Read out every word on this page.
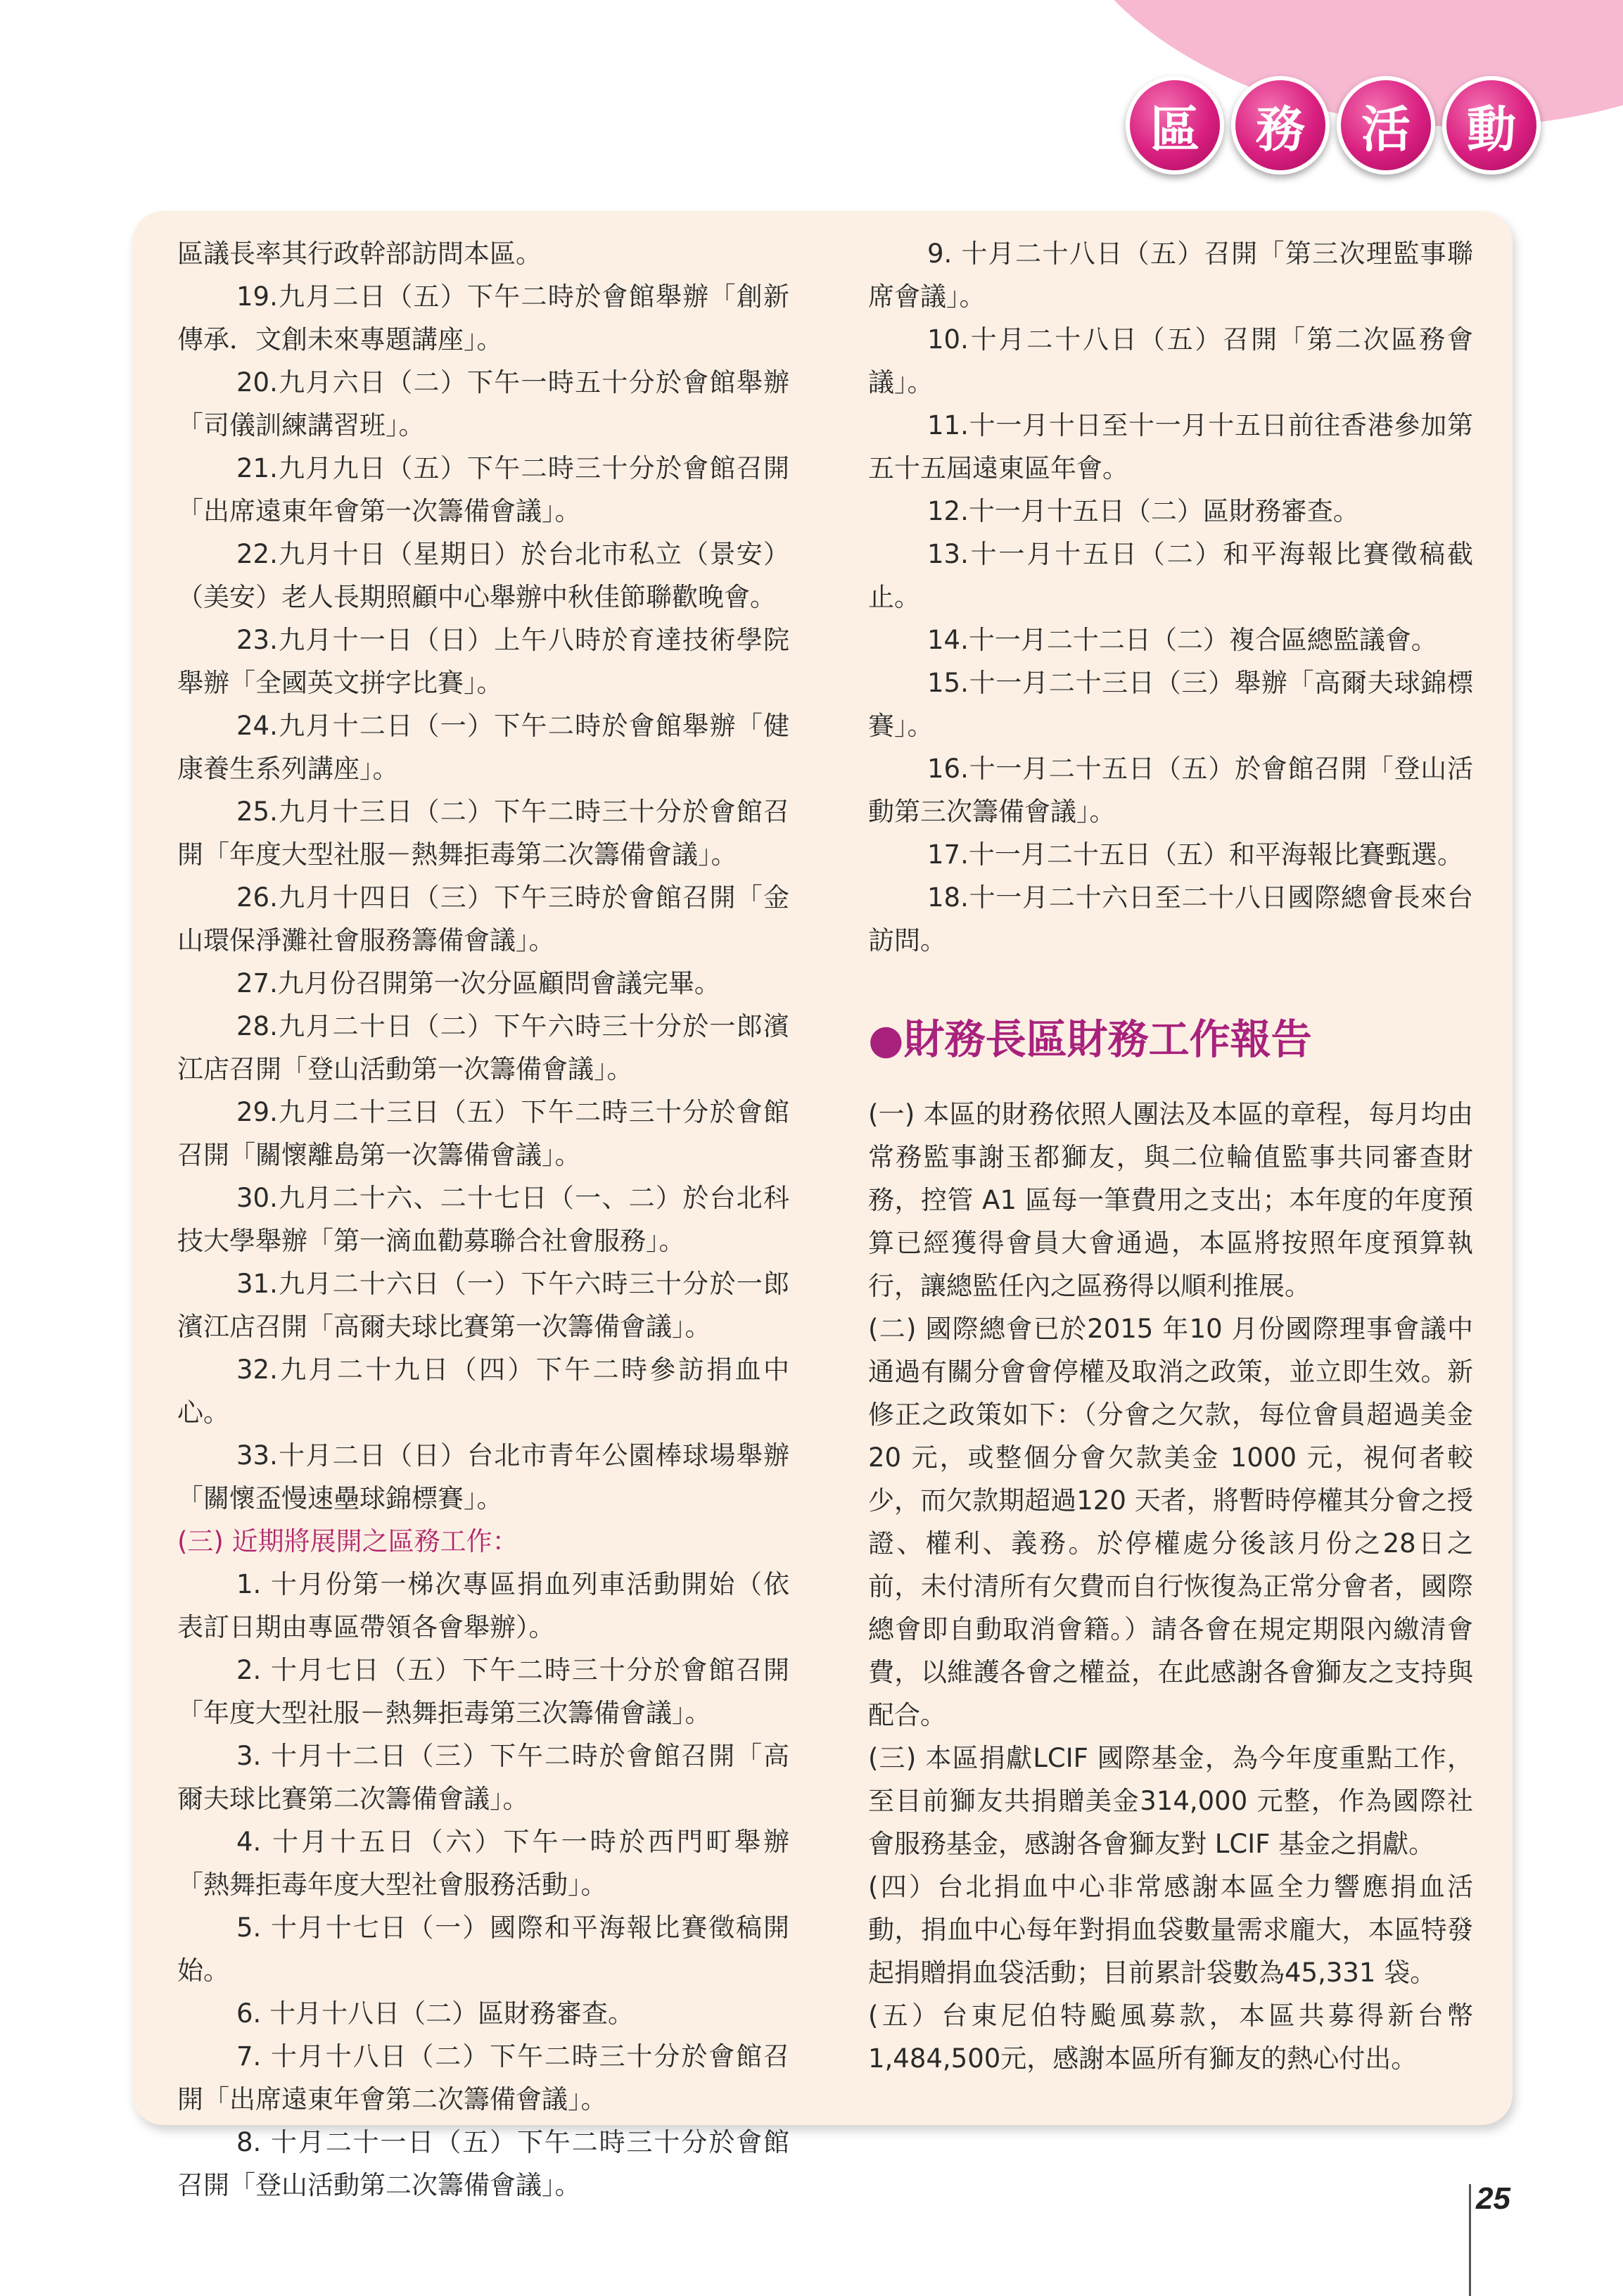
區	務	活	動

區議長率其行政幹部訪問本區。

19.九月二日（五）下午二時於會館舉辦「創新傳承．文創未來專題講座」。

20.九月六日（二）下午一時五十分於會館舉辦「司儀訓練講習班」。

21.九月九日（五）下午二時三十分於會館召開「出席遠東年會第一次籌備會議」。

22.九月十日（星期日）於台北市私立（景安）（美安）老人長期照顧中心舉辦中秋佳節聯歡晚會。

23.九月十一日（日）上午八時於育達技術學院舉辦「全國英文拼字比賽」。

24.九月十二日（一）下午二時於會館舉辦「健康養生系列講座」。

25.九月十三日（二）下午二時三十分於會館召開「年度大型社服－熱舞拒毒第二次籌備會議」。

26.九月十四日（三）下午三時於會館召開「金山環保淨灘社會服務籌備會議」。

27.九月份召開第一次分區顧問會議完畢。

28.九月二十日（二）下午六時三十分於一郎濱江店召開「登山活動第一次籌備會議」。

29.九月二十三日（五）下午二時三十分於會館召開「關懷離島第一次籌備會議」。

30.九月二十六、二十七日（一、二）於台北科技大學舉辦「第一滴血勸募聯合社會服務」。

31.九月二十六日（一）下午六時三十分於一郎濱江店召開「高爾夫球比賽第一次籌備會議」。

32.九月二十九日（四）下午二時參訪捐血中心。

33.十月二日（日）台北市青年公園棒球場舉辦「關懷盃慢速壘球錦標賽」。

(三) 近期將展開之區務工作：

1. 十月份第一梯次專區捐血列車活動開始（依表訂日期由專區帶領各會舉辦）。

2. 十月七日（五）下午二時三十分於會館召開「年度大型社服－熱舞拒毒第三次籌備會議」。

3. 十月十二日（三）下午二時於會館召開「高爾夫球比賽第二次籌備會議」。

4. 十月十五日（六）下午一時於西門町舉辦「熱舞拒毒年度大型社會服務活動」。

5. 十月十七日（一）國際和平海報比賽徵稿開始。

6. 十月十八日（二）區財務審查。

7. 十月十八日（二）下午二時三十分於會館召開「出席遠東年會第二次籌備會議」。

8. 十月二十一日（五）下午二時三十分於會館召開「登山活動第二次籌備會議」。

9. 十月二十八日（五）召開「第三次理監事聯席會議」。

10.十月二十八日（五）召開「第二次區務會議」。

11.十一月十日至十一月十五日前往香港參加第五十五屆遠東區年會。

12.十一月十五日（二）區財務審查。

13.十一月十五日（二）和平海報比賽徵稿截止。

14.十一月二十二日（二）複合區總監議會。

15.十一月二十三日（三）舉辦「高爾夫球錦標賽」。

16.十一月二十五日（五）於會館召開「登山活動第三次籌備會議」。

17.十一月二十五日（五）和平海報比賽甄選。

18.十一月二十六日至二十八日國際總會長來台訪問。

●財務長區財務工作報告

(一) 本區的財務依照人團法及本區的章程，每月均由常務監事謝玉都獅友，與二位輪值監事共同審查財務，控管 A1 區每一筆費用之支出；本年度的年度預算已經獲得會員大會通過，本區將按照年度預算執行，讓總監任內之區務得以順利推展。

(二) 國際總會已於2015 年10 月份國際理事會議中通過有關分會會停權及取消之政策，並立即生效。新修正之政策如下：（分會之欠款，每位會員超過美金20 元，或整個分會欠款美金 1000 元，視何者較少，而欠款期超過120 天者，將暫時停權其分會之授證、權利、義務。於停權處分後該月份之28日之前，未付清所有欠費而自行恢復為正常分會者，國際總會即自動取消會籍。）請各會在規定期限內繳清會費，以維護各會之權益，在此感謝各會獅友之支持與配合。

(三) 本區捐獻LCIF 國際基金，為今年度重點工作，至目前獅友共捐贈美金314,000 元整，作為國際社會服務基金，感謝各會獅友對 LCIF 基金之捐獻。

(四）台北捐血中心非常感謝本區全力響應捐血活動，捐血中心每年對捐血袋數量需求龐大，本區特發起捐贈捐血袋活動；目前累計袋數為45,331 袋。

(五）台東尼伯特颱風募款，本區共募得新台幣1,484,500元，感謝本區所有獅友的熱心付出。

25
